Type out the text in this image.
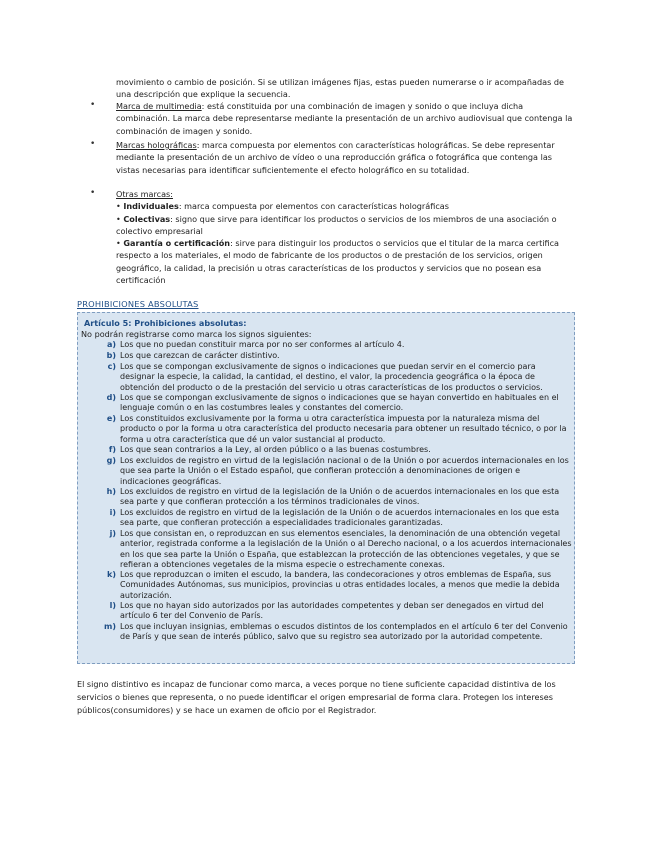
movimiento o cambio de posición. Si se utilizan imágenes fijas, estas pueden numerarse o ir acompañadas de una descripción que explique la secuencia.
•	Marca de multimedia: está constituida por una combinación de imagen y sonido o que incluya dicha combinación. La marca debe representarse mediante la presentación de un archivo audiovisual que contenga la combinación de imagen y sonido.
•	Marcas holográficas: marca compuesta por elementos con características holográficas. Se debe representar mediante la presentación de un archivo de vídeo o una reproducción gráfica o fotográfica que contenga las vistas necesarias para identificar suficientemente el efecto holográfico en su totalidad.
•	Otras marcas:
• Individuales: marca compuesta por elementos con características holográficas
• Colectivas: signo que sirve para identificar los productos o servicios de los miembros de una asociación o colectivo empresarial
• Garantía o certificación: sirve para distinguir los productos o servicios que el titular de la marca certifica respecto a los materiales, el modo de fabricante de los productos o de prestación de los servicios, origen geográfico, la calidad, la precisión u otras características de los productos y servicios que no posean esa certificación
PROHIBICIONES ABSOLUTAS
Artículo 5: Prohibiciones absolutas:
No podrán registrarse como marca los signos siguientes:
a) Los que no puedan constituir marca por no ser conformes al artículo 4.
b) Los que carezcan de carácter distintivo.
c) Los que se compongan exclusivamente de signos o indicaciones que puedan servir en el comercio para designar la especie, la calidad, la cantidad, el destino, el valor, la procedencia geográfica o la época de obtención del producto o de la prestación del servicio u otras características de los productos o servicios.
d) Los que se compongan exclusivamente de signos o indicaciones que se hayan convertido en habituales en el lenguaje común o en las costumbres leales y constantes del comercio.
e) Los constituidos exclusivamente por la forma u otra característica impuesta por la naturaleza misma del producto o por la forma u otra característica del producto necesaria para obtener un resultado técnico, o por la forma u otra característica que dé un valor sustancial al producto.
f) Los que sean contrarios a la Ley, al orden público o a las buenas costumbres.
g) Los excluidos de registro en virtud de la legislación nacional o de la Unión o por acuerdos internacionales en los que sea parte la Unión o el Estado español, que confieran protección a denominaciones de origen e indicaciones geográficas.
h) Los excluidos de registro en virtud de la legislación de la Unión o de acuerdos internacionales en los que esta sea parte y que confieran protección a los términos tradicionales de vinos.
i) Los excluidos de registro en virtud de la legislación de la Unión o de acuerdos internacionales en los que esta sea parte, que confieran protección a especialidades tradicionales garantizadas.
j) Los que consistan en, o reproduzcan en sus elementos esenciales, la denominación de una obtención vegetal anterior, registrada conforme a la legislación de la Unión o al Derecho nacional, o a los acuerdos internacionales en los que sea parte la Unión o España, que establezcan la protección de las obtenciones vegetales, y que se refieran a obtenciones vegetales de la misma especie o estrechamente conexas.
k) Los que reproduzcan o imiten el escudo, la bandera, las condecoraciones y otros emblemas de España, sus Comunidades Autónomas, sus municipios, provincias u otras entidades locales, a menos que medie la debida autorización.
l) Los que no hayan sido autorizados por las autoridades competentes y deban ser denegados en virtud del artículo 6 ter del Convenio de París.
m) Los que incluyan insignias, emblemas o escudos distintos de los contemplados en el artículo 6 ter del Convenio de París y que sean de interés público, salvo que su registro sea autorizado por la autoridad competente.
El signo distintivo es incapaz de funcionar como marca, a veces porque no tiene suficiente capacidad distintiva de los servicios o bienes que representa, o no puede identificar el origen empresarial de forma clara. Protegen los intereses públicos(consumidores) y se hace un examen de oficio por el Registrador.
